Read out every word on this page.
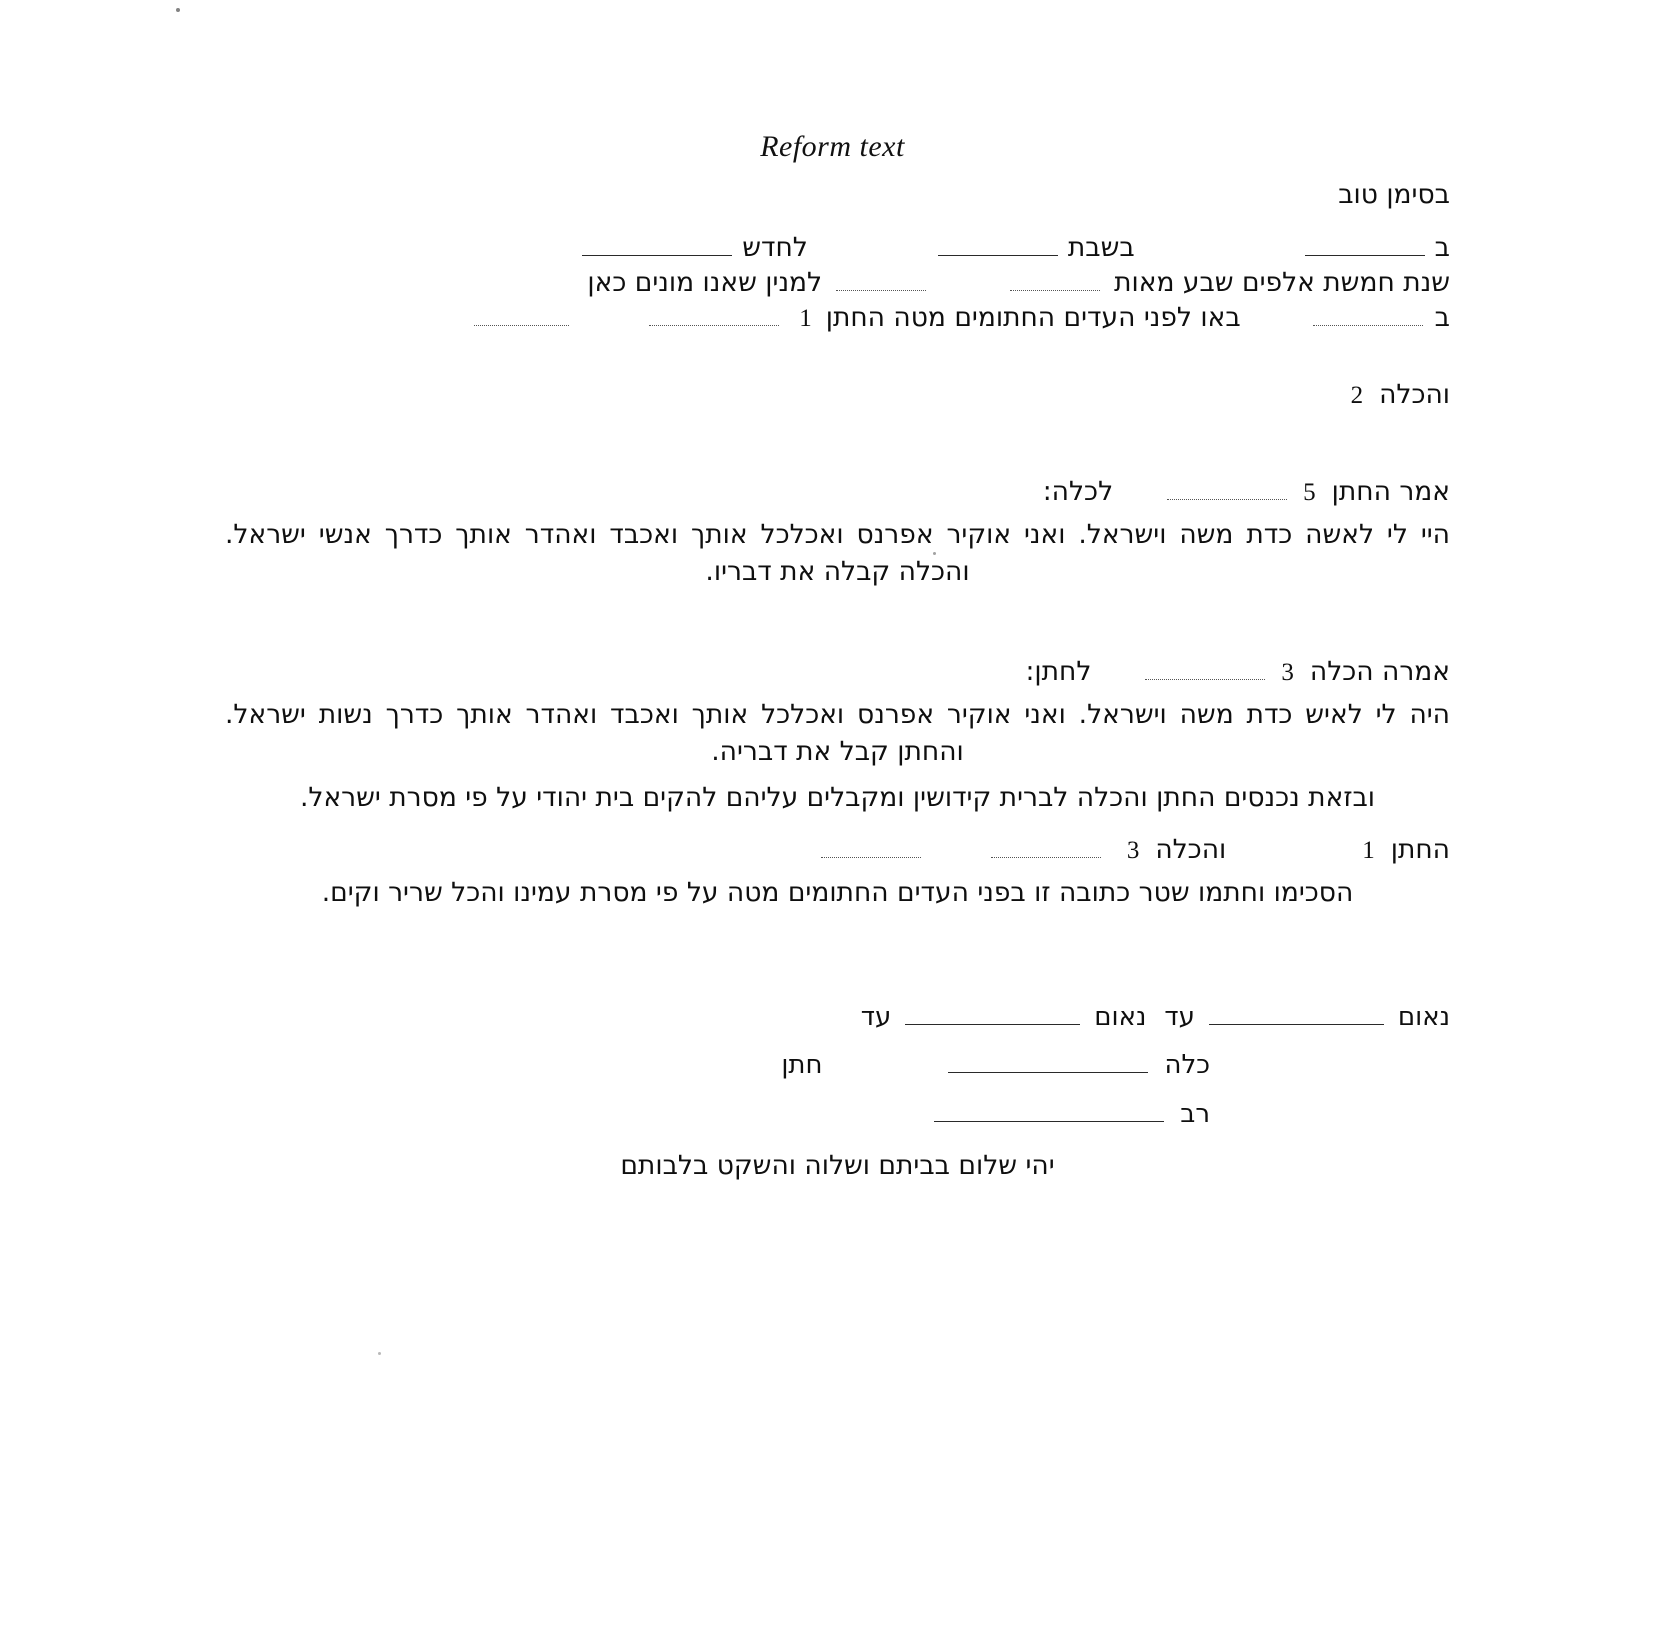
Reform text
בסימן טוב
ב
בשבת
לחדש
שנת חמשת אלפים שבע מאות
למנין שאנו מונים כאן
ב
באו לפני העדים החתומים מטה החתן
1
והכלה
2
אמר החתן
5
לכלה:

היי לי לאשה כדת משה וישראל. ואני אוקיר אפרנס ואכלכל אותך ואכבד ואהדר אותך כדרך אנשי ישראל. והכלה קבלה את דבריו.

אמרה הכלה
3
לחתן:

היה לי לאיש כדת משה וישראל. ואני אוקיר אפרנס ואכלכל אותך ואכבד ואהדר אותך כדרך נשות ישראל. והחתן קבל את דבריה.

ובזאת נכנסים החתן והכלה לברית קידושין ומקבלים עליהם להקים בית יהודי על פי מסרת ישראל.

החתן
1
והכלה
3

הסכימו וחתמו שטר כתובה זו בפני העדים החתומים מטה על פי מסרת עמינו והכל שריר וקים.

נאום
עד
נאום
עד
כלה
חתן
רב
יהי שלום בביתם ושלוה והשקט בלבותם
